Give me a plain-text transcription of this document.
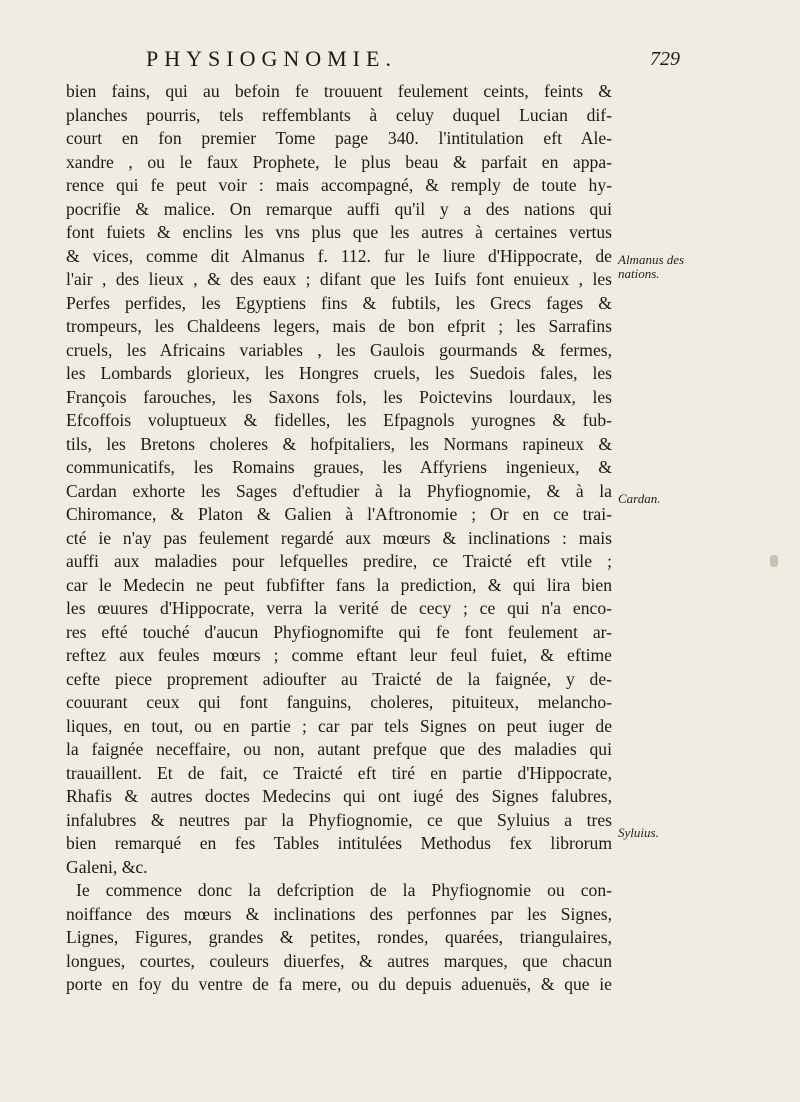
PHYSIOGNOMIE.	729
bien fains, qui au befoin fe trouuent feulement ceints, feints &
planches pourris, tels reffemblants à celuy duquel Lucian dif-
court en fon premier Tome page 340. l'intitulation eft Ale-
xandre , ou le faux Prophete, le plus beau & parfait en appa-
rence qui fe peut voir : mais accompagné, & remply de toute hy-
pocrifie & malice. On remarque auffi qu'il y a des nations qui
font fuiets & enclins les vns plus que les autres à certaines vertus
& vices, comme dit Almanus f. 112. fur le liure d'Hippocrate, de
l'air , des lieux , & des eaux ; difant que les Iuifs font enuieux , les
Perfes perfides, les Egyptiens fins & fubtils, les Grecs fages &
trompeurs, les Chaldeens legers, mais de bon efprit ; les Sarrafins
cruels, les Africains variables , les Gaulois gourmands & fermes,
les Lombards glorieux, les Hongres cruels, les Suedois fales, les
François farouches, les Saxons fols, les Poictevins lourdaux, les
Efcoffois voluptueux & fidelles, les Efpagnols yurognes & fub-
tils, les Bretons choleres & hofpitaliers, les Normans rapineux &
communicatifs, les Romains graues, les Affyriens ingenieux, &
Cardan exhorte les Sages d'eftudier à la Phyfiognomie, & à la
Chiromance, & Platon & Galien à l'Aftronomie ; Or en ce trai-
cté ie n'ay pas feulement regardé aux mœurs & inclinations : mais
auffi aux maladies pour lefquelles predire, ce Traicté eft vtile ;
car le Medecin ne peut fubfifter fans la prediction, & qui lira bien
les œuures d'Hippocrate, verra la verité de cecy ; ce qui n'a enco-
res efté touché d'aucun Phyfiognomifte qui fe font feulement ar-
reftez aux feules mœurs ; comme eftant leur feul fuiet, & eftime
cefte piece proprement adioufter au Traicté de la faignée, y de-
couurant ceux qui font fanguins, choleres, pituiteux, melancho-
liques, en tout, ou en partie ; car par tels Signes on peut iuger de
la faignée neceffaire, ou non, autant prefque que des maladies qui
trauaillent. Et de fait, ce Traicté eft tiré en partie d'Hippocrate,
Rhafis & autres doctes Medecins qui ont iugé des Signes falubres,
infalubres & neutres par la Phyfiognomie, ce que Syluius a tres
bien remarqué en fes Tables intitulées Methodus fex librorum
Galeni, &c.
Ie commence donc la defcription de la Phyfiognomie ou con-
noiffance des mœurs & inclinations des perfonnes par les Signes,
Lignes, Figures, grandes & petites, rondes, quarées, triangulaires,
longues, courtes, couleurs diuerfes, & autres marques, que chacun
porte en foy du ventre de fa mere, ou du depuis aduenuës, & que ie
Almanus des nations.
Cardan.
Syluius.
